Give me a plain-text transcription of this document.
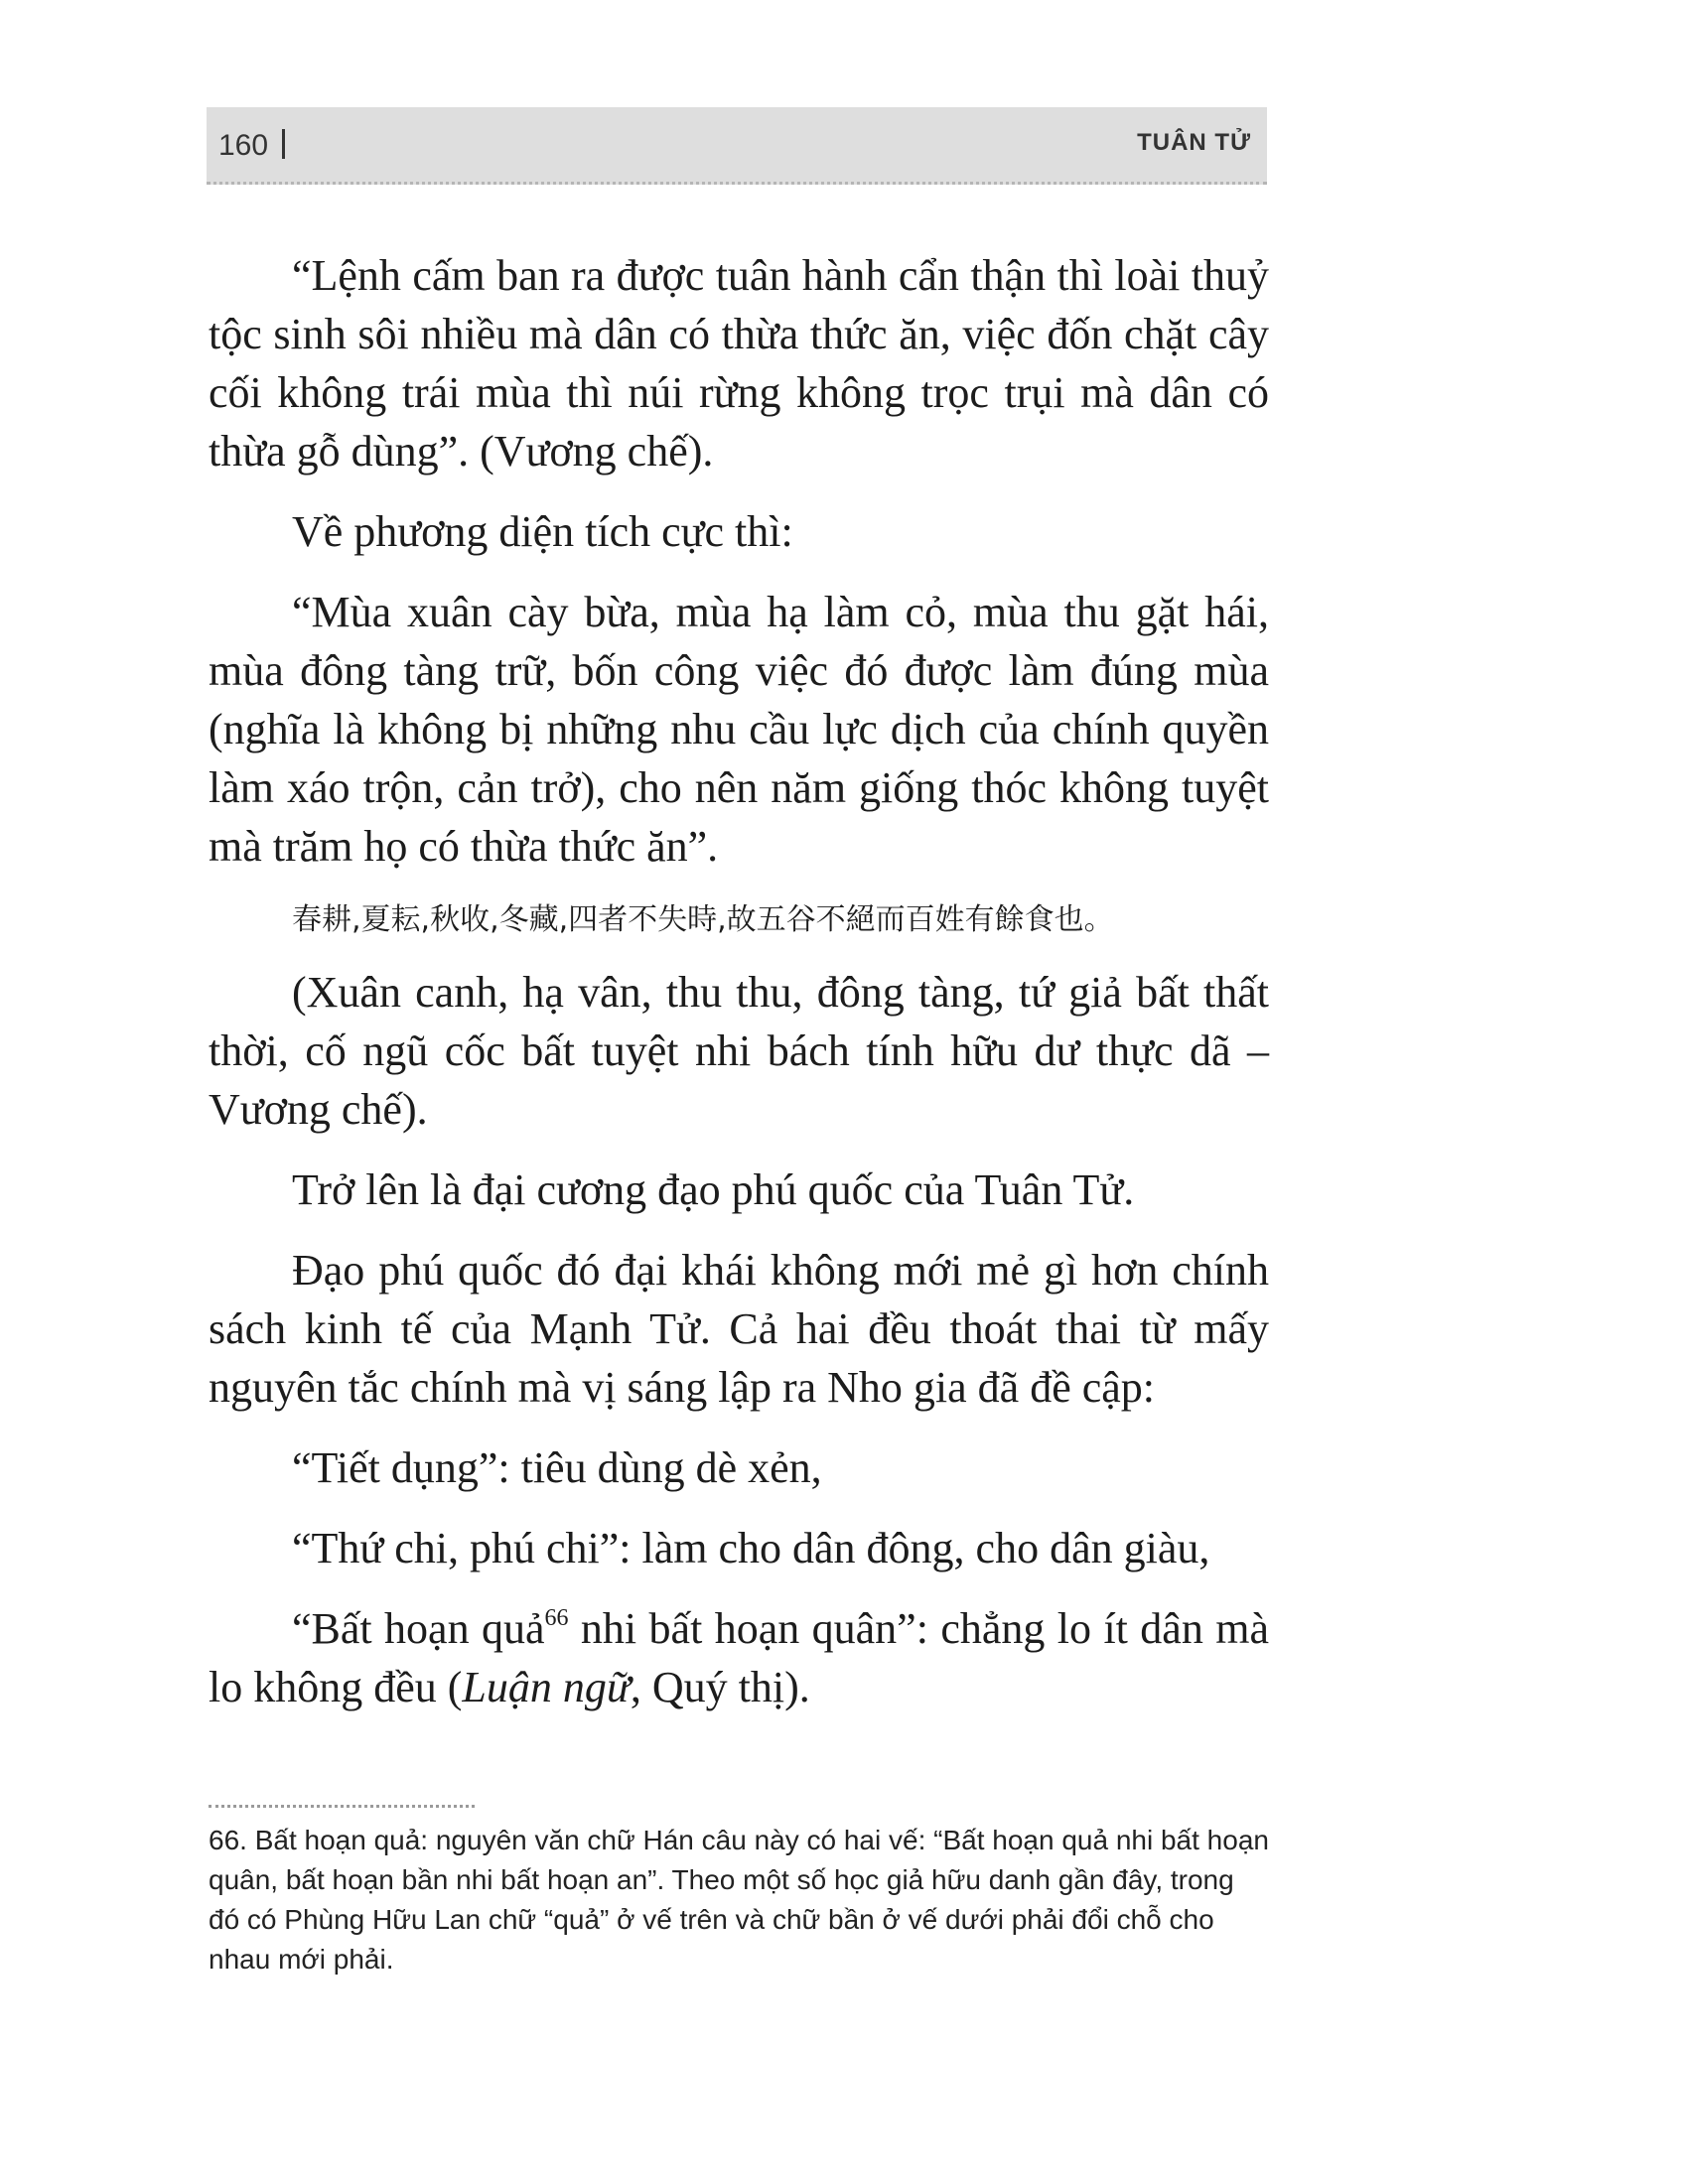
160	TUÂN TỬ

“Lệnh cấm ban ra được tuân hành cẩn thận thì loài thuỷ tộc sinh sôi nhiều mà dân có thừa thức ăn, việc đốn chặt cây cối không trái mùa thì núi rừng không trọc trụi mà dân có thừa gỗ dùng”. (Vương chế).

Về phương diện tích cực thì:

“Mùa xuân cày bừa, mùa hạ làm cỏ, mùa thu gặt hái, mùa đông tàng trữ, bốn công việc đó được làm đúng mùa (nghĩa là không bị những nhu cầu lực dịch của chính quyền làm xáo trộn, cản trở), cho nên năm giống thóc không tuyệt mà trăm họ có thừa thức ăn”.

春耕,夏耘,秋收,冬藏,四者不失時,故五谷不絕而百姓有餘食也。

(Xuân canh, hạ vân, thu thu, đông tàng, tứ giả bất thất thời, cố ngũ cốc bất tuyệt nhi bách tính hữu dư thực dã – Vương chế).

Trở lên là đại cương đạo phú quốc của Tuân Tử.

Đạo phú quốc đó đại khái không mới mẻ gì hơn chính sách kinh tế của Mạnh Tử. Cả hai đều thoát thai từ mấy nguyên tắc chính mà vị sáng lập ra Nho gia đã đề cập:

“Tiết dụng”: tiêu dùng dè xẻn,

“Thứ chi, phú chi”: làm cho dân đông, cho dân giàu,

“Bất hoạn quả$^{66}$ nhi bất hoạn quân”: chẳng lo ít dân mà lo không đều (Luận ngữ, Quý thị).

66. Bất hoạn quả: nguyên văn chữ Hán câu này có hai vế: “Bất hoạn quả nhi bất hoạn quân, bất hoạn bần nhi bất hoạn an”. Theo một số học giả hữu danh gần đây, trong đó có Phùng Hữu Lan chữ “quả” ở vế trên và chữ bần ở vế dưới phải đổi chỗ cho nhau mới phải.
